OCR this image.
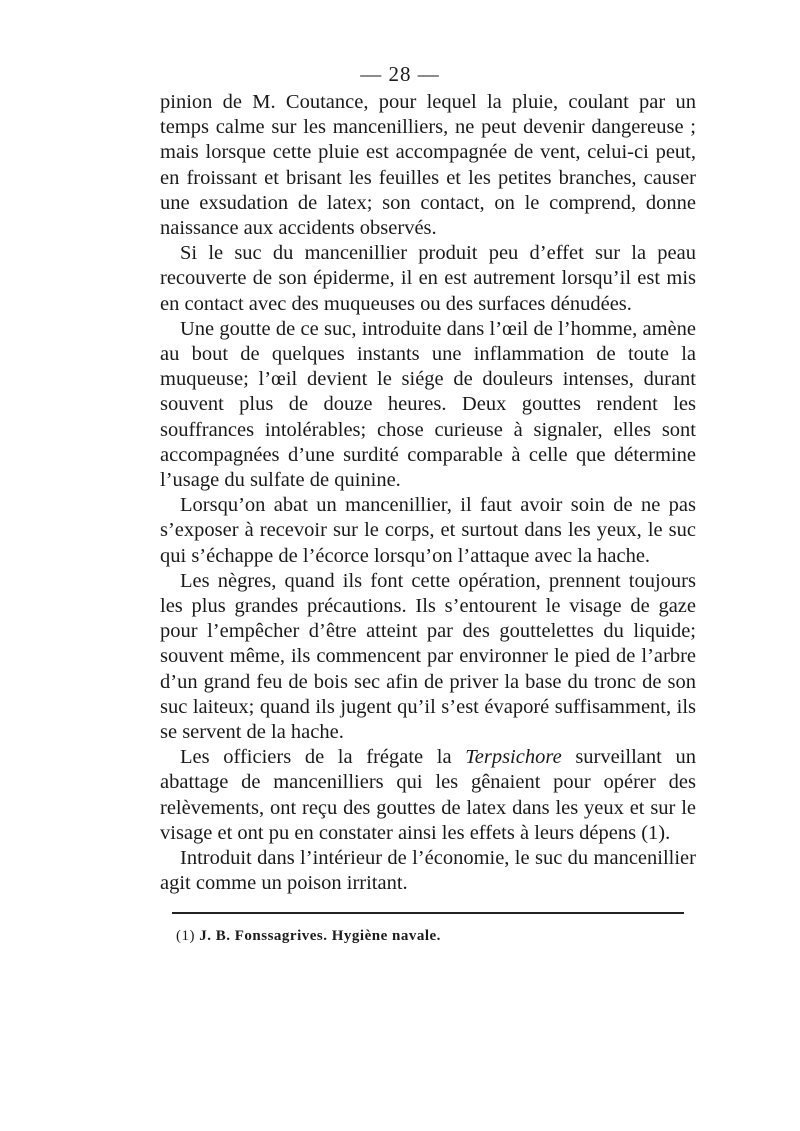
— 28 —

pinion de M. Coutance, pour lequel la pluie, coulant par un temps calme sur les mancenilliers, ne peut devenir dangereuse ; mais lorsque cette pluie est accompagnée de vent, celui-ci peut, en froissant et brisant les feuilles et les petites branches, causer une exsudation de latex; son contact, on le comprend, donne naissance aux accidents observés.

Si le suc du mancenillier produit peu d’effet sur la peau recouverte de son épiderme, il en est autrement lorsqu’il est mis en contact avec des muqueuses ou des surfaces dénudées.

Une goutte de ce suc, introduite dans l’œil de l’homme, amène au bout de quelques instants une inflammation de toute la muqueuse; l’œil devient le siége de douleurs intenses, durant souvent plus de douze heures. Deux gouttes rendent les souffrances intolérables; chose curieuse à signaler, elles sont accompagnées d’une surdité comparable à celle que détermine l’usage du sulfate de quinine.

Lorsqu’on abat un mancenillier, il faut avoir soin de ne pas s’exposer à recevoir sur le corps, et surtout dans les yeux, le suc qui s’échappe de l’écorce lorsqu’on l’attaque avec la hache.

Les nègres, quand ils font cette opération, prennent toujours les plus grandes précautions. Ils s’entourent le visage de gaze pour l’empêcher d’être atteint par des gouttelettes du liquide; souvent même, ils commencent par environner le pied de l’arbre d’un grand feu de bois sec afin de priver la base du tronc de son suc laiteux; quand ils jugent qu’il s’est évaporé suffisamment, ils se servent de la hache.

Les officiers de la frégate la Terpsichore surveillant un abattage de mancenilliers qui les gênaient pour opérer des relèvements, ont reçu des gouttes de latex dans les yeux et sur le visage et ont pu en constater ainsi les effets à leurs dépens (1).

Introduit dans l’intérieur de l’économie, le suc du mancenillier agit comme un poison irritant.

(1) J. B. Fonssagrives. Hygiène navale.
